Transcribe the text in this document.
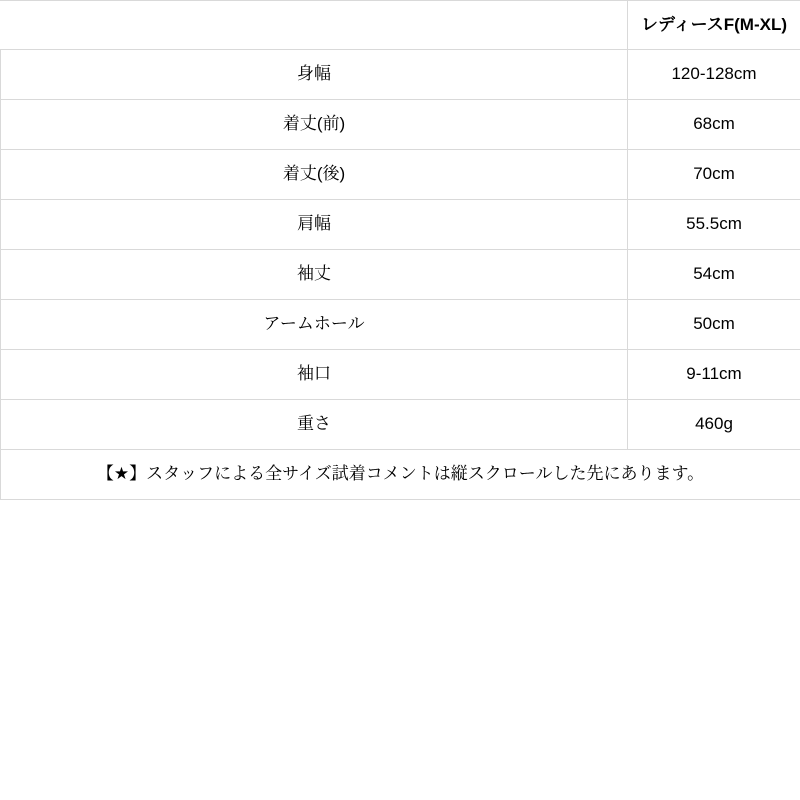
	レディースF(M-XL)
身幅	120-128cm
着丈(前)	68cm
着丈(後)	70cm
肩幅	55.5cm
袖丈	54cm
アームホール	50cm
袖口	9-11cm
重さ	460g
【★】スタッフによる全サイズ試着コメントは縦スクロールした先にあります。	
